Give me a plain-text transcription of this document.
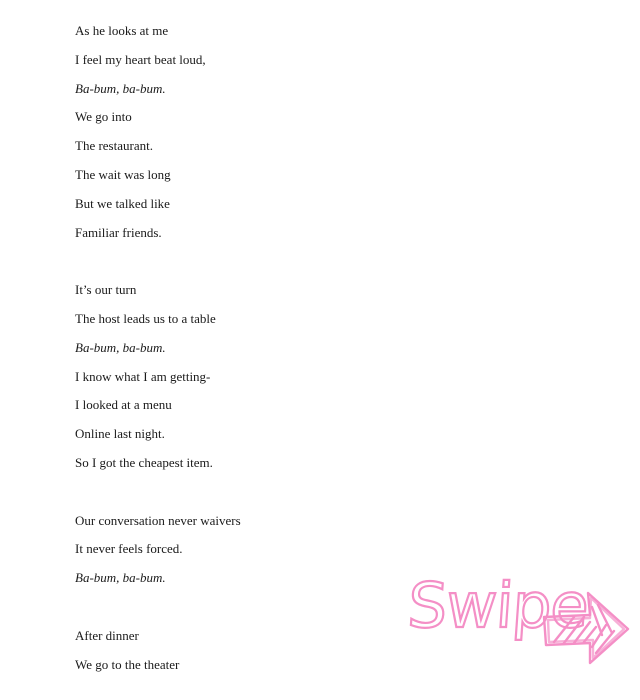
As he looks at me
I feel my heart beat loud,
Ba-bum, ba-bum.
We go into
The restaurant.
The wait was long
But we talked like
Familiar friends.
It’s our turn
The host leads us to a table
Ba-bum, ba-bum.
I know what I am getting-
I looked at a menu
Online last night.
So I got the cheapest item.
Our conversation never waivers
It never feels forced.
Ba-bum, ba-bum.
After dinner
We go to the theater
Swipe
